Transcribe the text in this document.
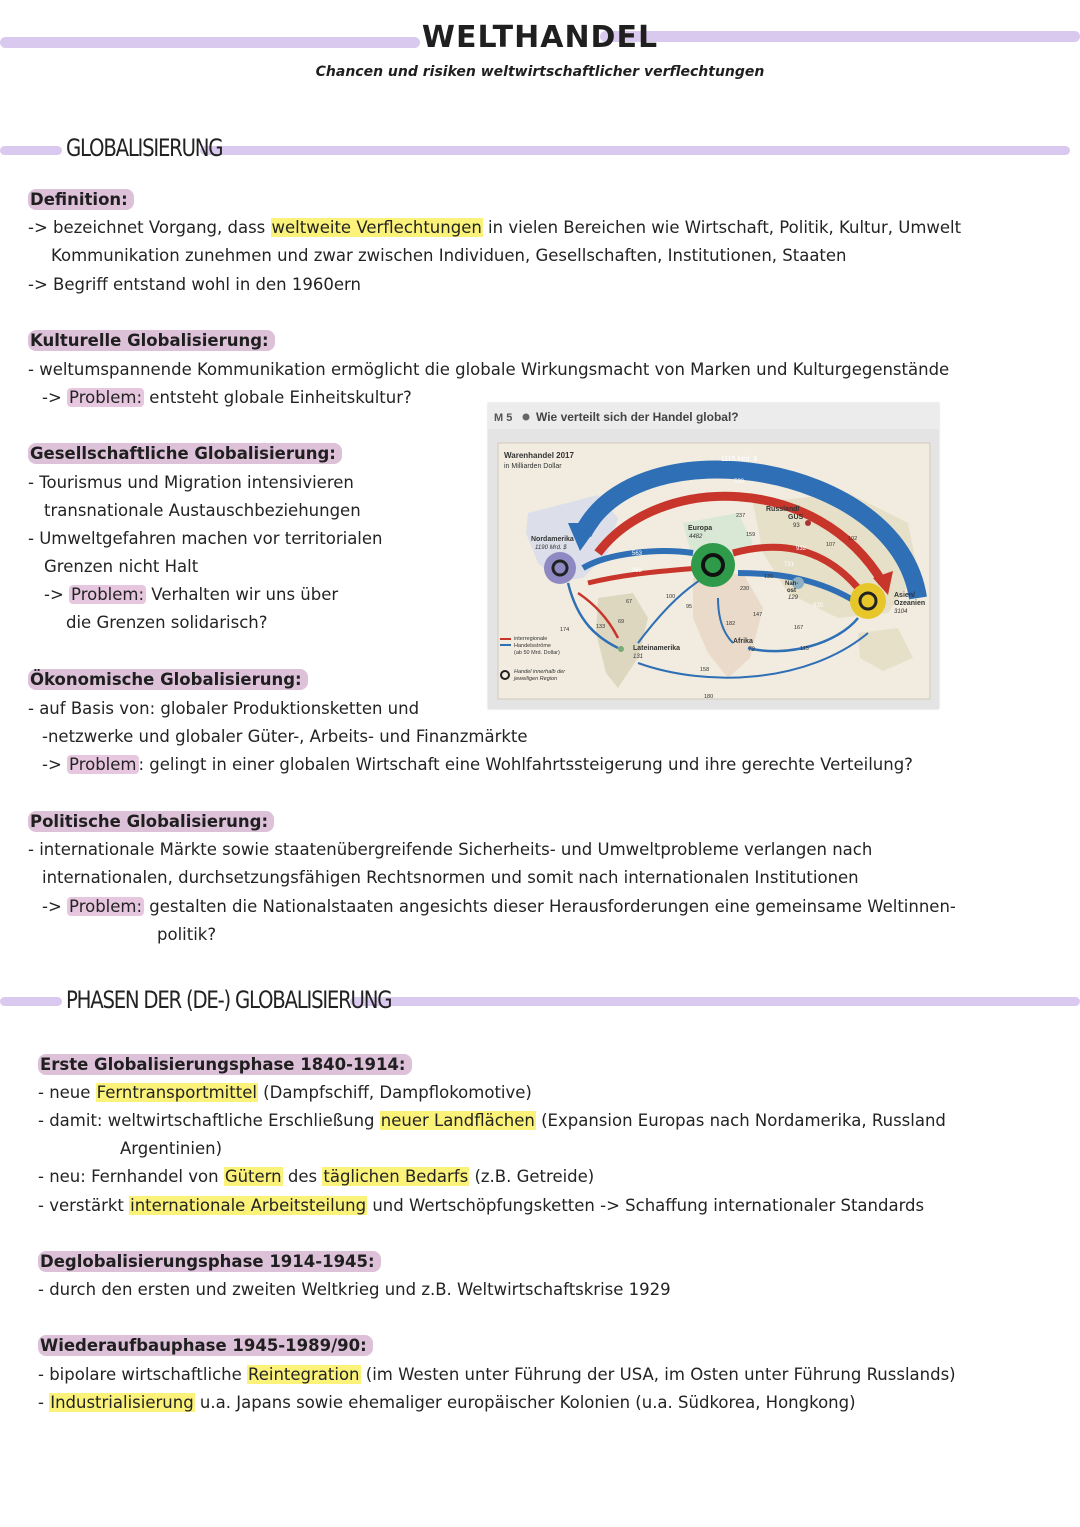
WELTHANDEL
Chancen und risiken weltwirtschaftlicher verflechtungen
GLOBALISIERUNG
Definition:
-> bezeichnet Vorgang, dass weltweite Verflechtungen in vielen Bereichen wie Wirtschaft, Politik, Kultur, Umwelt
Kommunikation zunehmen und zwar zwischen Individuen, Gesellschaften, Institutionen, Staaten
-> Begriff entstand wohl in den 1960ern
Kulturelle Globalisierung:
- weltumspannende Kommunikation ermöglicht die globale Wirkungsmacht von Marken und Kulturgegenstände
-> Problem: entsteht globale Einheitskultur?
Gesellschaftliche Globalisierung:
- Tourismus und Migration intensivieren
transnationale Austauschbeziehungen
- Umweltgefahren machen vor territorialen
Grenzen nicht Halt
-> Problem: Verhalten wir uns über
die Grenzen solidarisch?
M 5 Wie verteilt sich der Handel global?
Warenhandel 2017
in Milliarden Dollar
1115 Mrd. $
520
Nordamerika
1190 Mrd. $
Europa
4482
Russland/
GUS
93
Nah-
ost
129	Asien/
Ozeanien
3104
Afrika
72
Lateinamerika
131
interregionale
Handelsströme
(ab 50 Mrd. Dollar)
Handel innerhalb der
jeweiligen Region
563
382
237
159
932
731
102
107
230
130
620
147
167
115
182
174	133
69
67
100
95
158
180
Ökonomische Globalisierung:
- auf Basis von: globaler Produktionsketten und
-netzwerke und globaler Güter-, Arbeits- und Finanzmärkte
-> Problem : gelingt in einer globalen Wirtschaft eine Wohlfahrtssteigerung und ihre gerechte Verteilung?
Politische Globalisierung:
- internationale Märkte sowie staatenübergreifende Sicherheits- und Umweltprobleme verlangen nach
internationalen, durchsetzungsfähigen Rechtsnormen und somit nach internationalen Institutionen
-> Problem: gestalten die Nationalstaaten angesichts dieser Herausforderungen eine gemeinsame Weltinnen-
politik?
PHASEN DER (DE-) GLOBALISIERUNG
Erste Globalisierungsphase 1840-1914:
- neue Ferntransportmittel (Dampfschiff, Dampflokomotive)
- damit: weltwirtschaftliche Erschließung neuer Landflächen (Expansion Europas nach Nordamerika, Russland
Argentinien)
- neu: Fernhandel von Gütern des täglichen Bedarfs (z.B. Getreide)
- verstärkt internationale Arbeitsteilung und Wertschöpfungsketten -> Schaffung internationaler Standards
Deglobalisierungsphase 1914-1945:
- durch den ersten und zweiten Weltkrieg und z.B. Weltwirtschaftskrise 1929
Wiederaufbauphase 1945-1989/90:
- bipolare wirtschaftliche Reintegration (im Westen unter Führung der USA, im Osten unter Führung Russlands)
- Industrialisierung u.a. Japans sowie ehemaliger europäischer Kolonien (u.a. Südkorea, Hongkong)
